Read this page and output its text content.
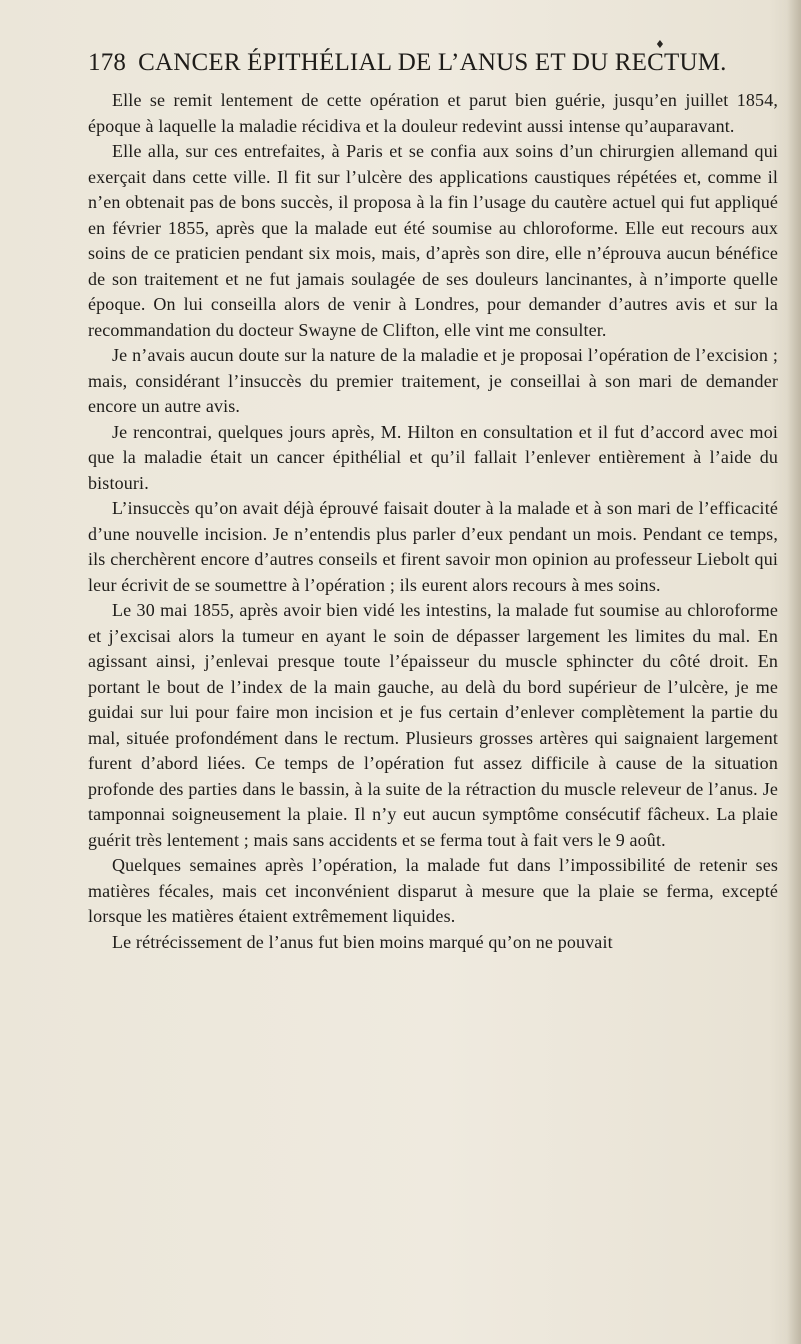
♦
178 CANCER ÉPITHÉLIAL DE L’ANUS ET DU RECTUM.

Elle se remit lentement de cette opération et parut bien guérie, jusqu’en juillet 1854, époque à laquelle la maladie récidiva et la douleur redevint aussi intense qu’auparavant.

Elle alla, sur ces entrefaites, à Paris et se confia aux soins d’un chirurgien allemand qui exerçait dans cette ville. Il fit sur l’ulcère des applications caustiques répétées et, comme il n’en obtenait pas de bons succès, il proposa à la fin l’usage du cautère actuel qui fut appliqué en février 1855, après que la malade eut été soumise au chloroforme. Elle eut recours aux soins de ce praticien pendant six mois, mais, d’après son dire, elle n’éprouva aucun bénéfice de son traitement et ne fut jamais soulagée de ses douleurs lancinantes, à n’importe quelle époque. On lui conseilla alors de venir à Londres, pour demander d’autres avis et sur la recommandation du docteur Swayne de Clifton, elle vint me consulter.

Je n’avais aucun doute sur la nature de la maladie et je proposai l’opération de l’excision ; mais, considérant l’insuccès du premier traitement, je conseillai à son mari de demander encore un autre avis.

Je rencontrai, quelques jours après, M. Hilton en consultation et il fut d’accord avec moi que la maladie était un cancer épithélial et qu’il fallait l’enlever entièrement à l’aide du bistouri.

L’insuccès qu’on avait déjà éprouvé faisait douter à la malade et à son mari de l’efficacité d’une nouvelle incision. Je n’entendis plus parler d’eux pendant un mois. Pendant ce temps, ils cherchèrent encore d’autres conseils et firent savoir mon opinion au professeur Liebolt qui leur écrivit de se soumettre à l’opération ; ils eurent alors recours à mes soins.

Le 30 mai 1855, après avoir bien vidé les intestins, la malade fut soumise au chloroforme et j’excisai alors la tumeur en ayant le soin de dépasser largement les limites du mal. En agissant ainsi, j’enlevai presque toute l’épaisseur du muscle sphincter du côté droit. En portant le bout de l’index de la main gauche, au delà du bord supérieur de l’ulcère, je me guidai sur lui pour faire mon incision et je fus certain d’enlever complètement la partie du mal, située profondément dans le rectum. Plusieurs grosses artères qui saignaient largement furent d’abord liées. Ce temps de l’opération fut assez difficile à cause de la situation profonde des parties dans le bassin, à la suite de la rétraction du muscle releveur de l’anus. Je tamponnai soigneusement la plaie. Il n’y eut aucun symptôme consécutif fâcheux. La plaie guérit très lentement ; mais sans accidents et se ferma tout à fait vers le 9 août.

Quelques semaines après l’opération, la malade fut dans l’impossibilité de retenir ses matières fécales, mais cet inconvénient disparut à mesure que la plaie se ferma, excepté lorsque les matières étaient extrêmement liquides.

Le rétrécissement de l’anus fut bien moins marqué qu’on ne pouvait
